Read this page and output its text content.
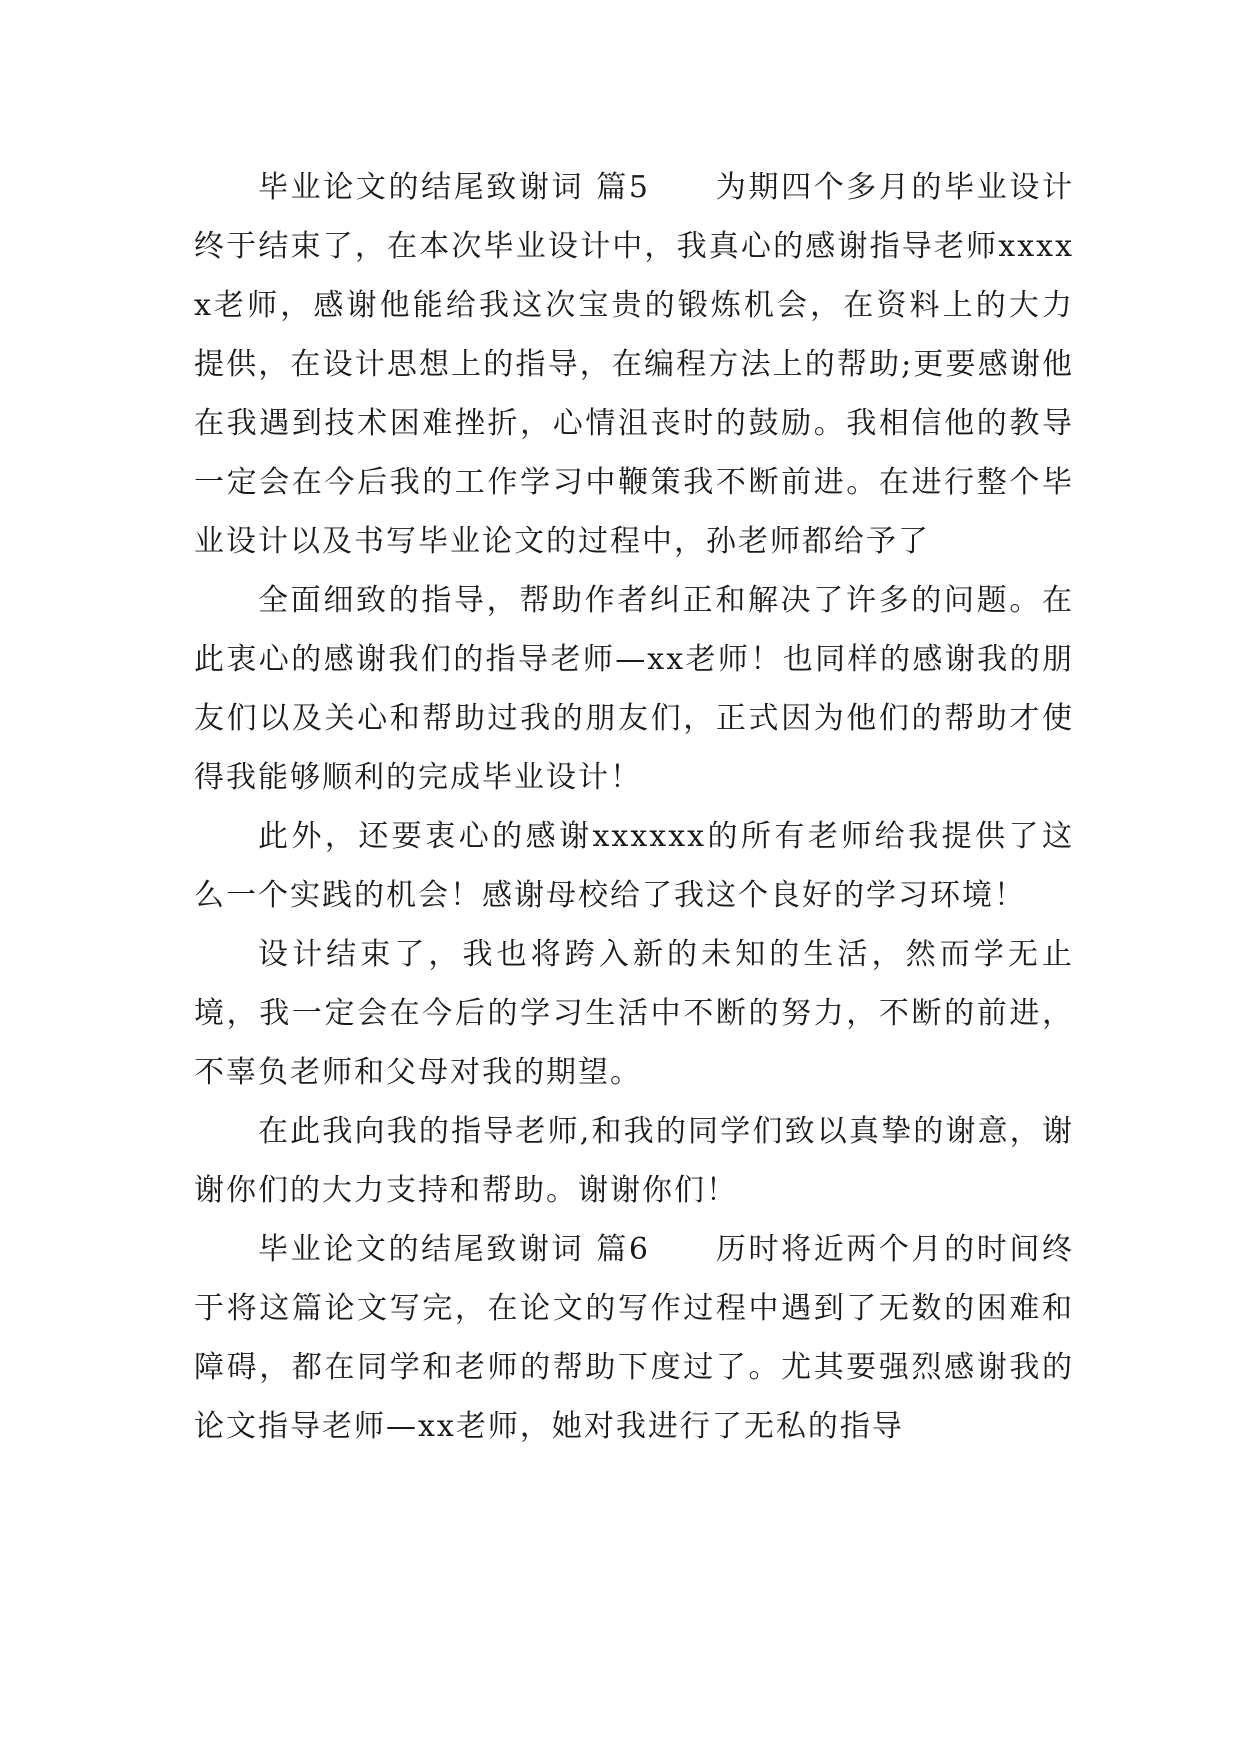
毕业论文的结尾致谢词 篇5　　为期四个多月的毕业设计终于结束了，在本次毕业设计中，我真心的感谢指导老师xxxxx老师，感谢他能给我这次宝贵的锻炼机会，在资料上的大力提供，在设计思想上的指导，在编程方法上的帮助;更要感谢他在我遇到技术困难挫折，心情沮丧时的鼓励。我相信他的教导一定会在今后我的工作学习中鞭策我不断前进。在进行整个毕业设计以及书写毕业论文的过程中，孙老师都给予了

全面细致的指导，帮助作者纠正和解决了许多的问题。在此衷心的感谢我们的指导老师—xx老师！也同样的感谢我的朋友们以及关心和帮助过我的朋友们，正式因为他们的帮助才使得我能够顺利的完成毕业设计！

此外，还要衷心的感谢xxxxxx的所有老师给我提供了这么一个实践的机会！感谢母校给了我这个良好的学习环境！

设计结束了，我也将跨入新的未知的生活，然而学无止境，我一定会在今后的学习生活中不断的努力，不断的前进，不辜负老师和父母对我的期望。

在此我向我的指导老师,和我的同学们致以真挚的谢意，谢谢你们的大力支持和帮助。谢谢你们！

毕业论文的结尾致谢词 篇6　　历时将近两个月的时间终于将这篇论文写完，在论文的写作过程中遇到了无数的困难和障碍，都在同学和老师的帮助下度过了。尤其要强烈感谢我的论文指导老师—xx老师，她对我进行了无私的指导
